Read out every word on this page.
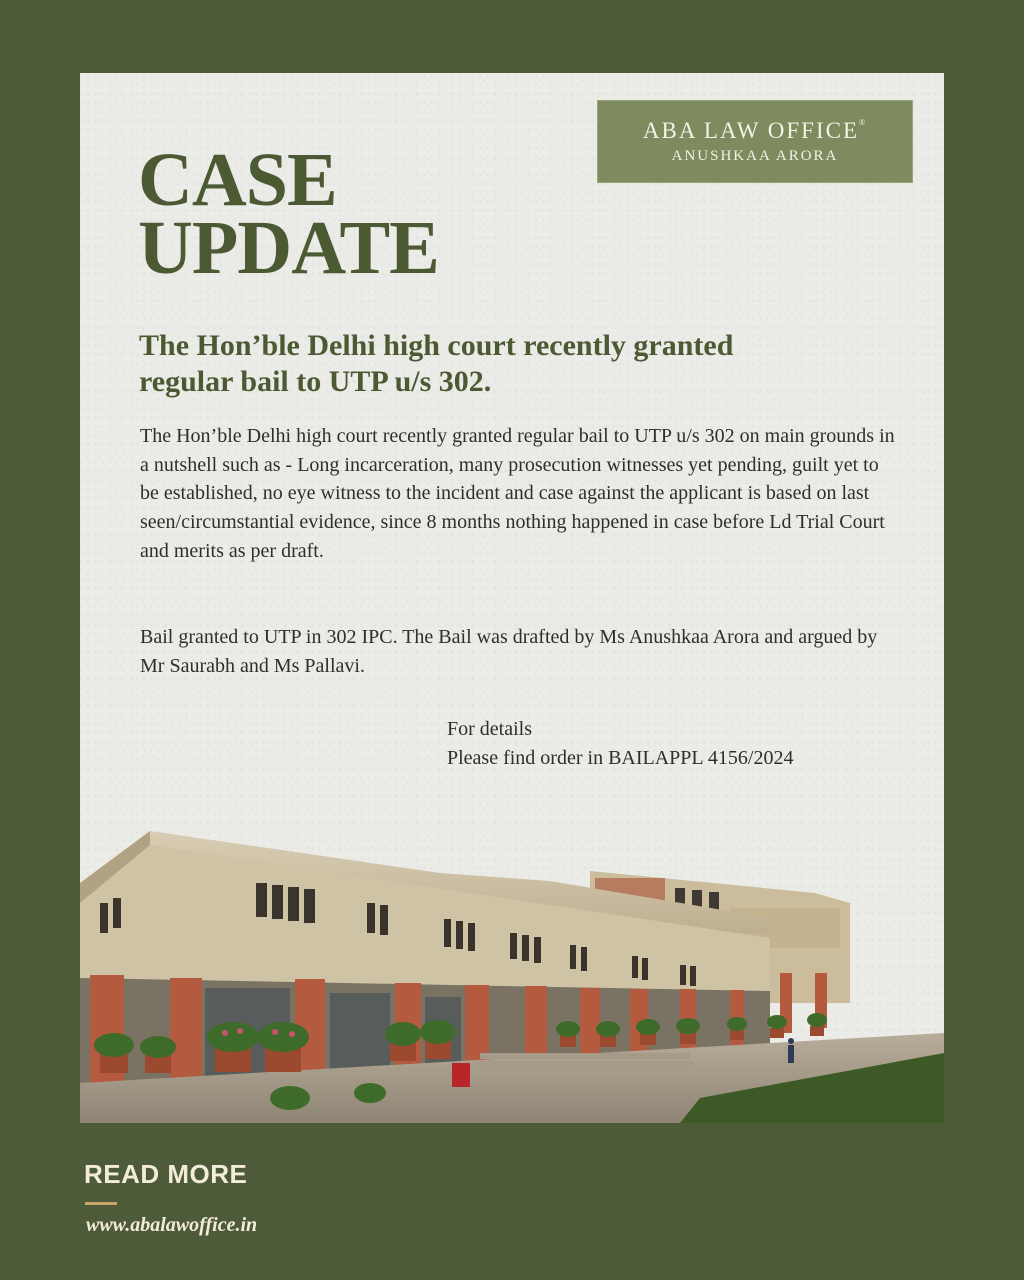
ABA LAW OFFICE®
ANUSHKAA ARORA
CASE
UPDATE
The Hon’ble Delhi high court recently granted regular bail to UTP u/s 302.

The Hon’ble Delhi high court recently granted regular bail to UTP u/s 302 on main grounds in a nutshell such as - Long incarceration, many prosecution witnesses yet pending, guilt yet to be established, no eye witness to the incident and case against the applicant is based on last seen/circumstantial evidence, since 8 months nothing happened in case before Ld Trial Court and merits as per draft.

Bail granted to UTP in 302 IPC. The Bail was drafted by Ms Anushkaa Arora and argued by Mr Saurabh and Ms Pallavi.

For details
Please find order in BAILAPPL 4156/2024

READ MORE

www.abalawoffice.in
